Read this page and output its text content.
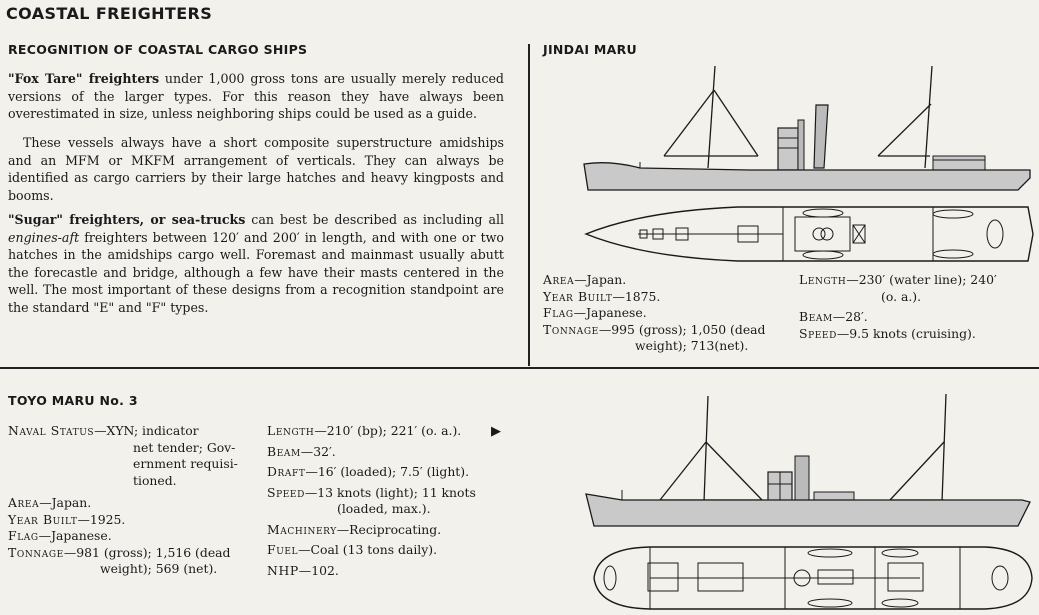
COASTAL FREIGHTERS
RECOGNITION OF COASTAL CARGO SHIPS
"Fox Tare" freighters under 1,000 gross tons are usually merely reduced versions of the larger types. For this reason they have always been overestimated in size, unless neighboring ships could be used as a guide.
These vessels always have a short composite superstructure amidships and an MFM or MKFM arrangement of verticals. They can always be identified as cargo carriers by their large hatches and heavy kingposts and booms.
"Sugar" freighters, or sea-trucks can best be described as including all engines-aft freighters between 120′ and 200′ in length, and with one or two hatches in the amidships cargo well. Foremast and mainmast usually abutt the forecastle and bridge, although a few have their masts centered in the well. The most important of these designs from a recognition standpoint are the standard "E" and "F" types.
JINDAI MARU
Area—Japan.
Year Built—1875.
Flag—Japanese.
Tonnage—995 (gross); 1,050 (dead
weight); 713(net).
Length—230′ (water line); 240′
(o. a.).
Beam—28′.
Speed—9.5 knots (cruising).
TOYO MARU No. 3
Naval Status—XYN; indicator
net tender; Gov-
ernment requisi-
tioned.
Area—Japan.
Year Built—1925.
Flag—Japanese.
Tonnage—981 (gross); 1,516 (dead
weight); 569 (net).
Length—210′ (bp); 221′ (o. a.).
Beam—32′.
Draft—16′ (loaded); 7.5′ (light).
Speed—13 knots (light); 11 knots
(loaded, max.).
Machinery—Reciprocating.
Fuel—Coal (13 tons daily).
NHP—102.
▶
